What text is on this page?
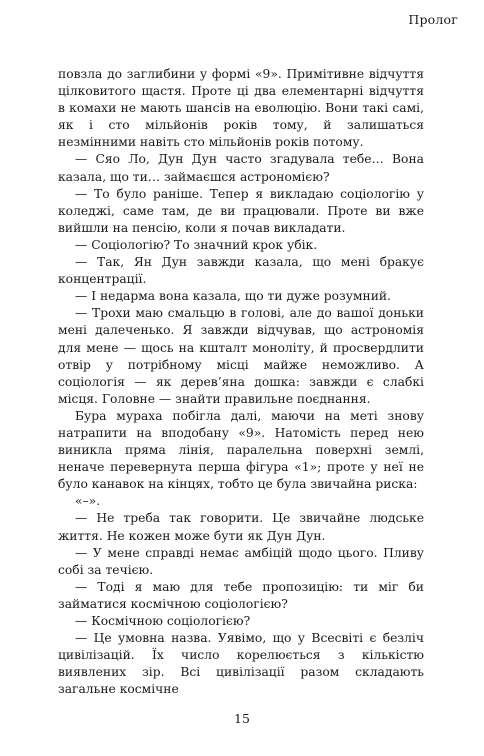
Пролог

повзла до заглибини у формі «9». Примітивне відчуття цілковитого щастя. Проте ці два елементарні відчуття в комахи не мають шансів на еволюцію. Вони такі самі, як і сто мільйонів років тому, й залишаться незмінними навіть сто мільйонів років потому.

— Сяо Ло, Дун Дун часто згадувала тебе… Вона казала, що ти… займаєшся астрономією?

— То було раніше. Тепер я викладаю соціологію у коледжі, саме там, де ви працювали. Проте ви вже вийшли на пенсію, коли я почав викладати.

— Соціологію? То значний крок убік.

— Так, Ян Дун завжди казала, що мені бракує концентрації.

— І недарма вона казала, що ти дуже розумний.

— Трохи маю смальцю в голові, але до вашої доньки мені далеченько. Я завжди відчував, що астрономія для мене — щось на кшталт моноліту, й просвердлити отвір у потрібному місці майже неможливо. А соціологія — як дерев’яна дошка: завжди є слабкі місця. Головне — знайти правильне поєднання.

Бура мураха побігла далі, маючи на меті знову натрапити на вподобану «9». Натомість перед нею виникла пряма лінія, паралельна поверхні землі, неначе перевернута перша фігура «1»; проте у неї не було канавок на кінцях, тобто це була звичайна риска:

«–».

— Не треба так говорити. Це звичайне людське життя. Не кожен може бути як Дун Дун.

— У мене справді немає амбіцій щодо цього. Пливу собі за течією.

— Тоді я маю для тебе пропозицію: ти міг би займатися космічною соціологією?

— Космічною соціологією?

— Це умовна назва. Уявімо, що у Всесвіті є безліч цивілізацій. Їх число корелюється з кількістю виявлених зір. Всі цивілізації разом складають загальне космічне

15
